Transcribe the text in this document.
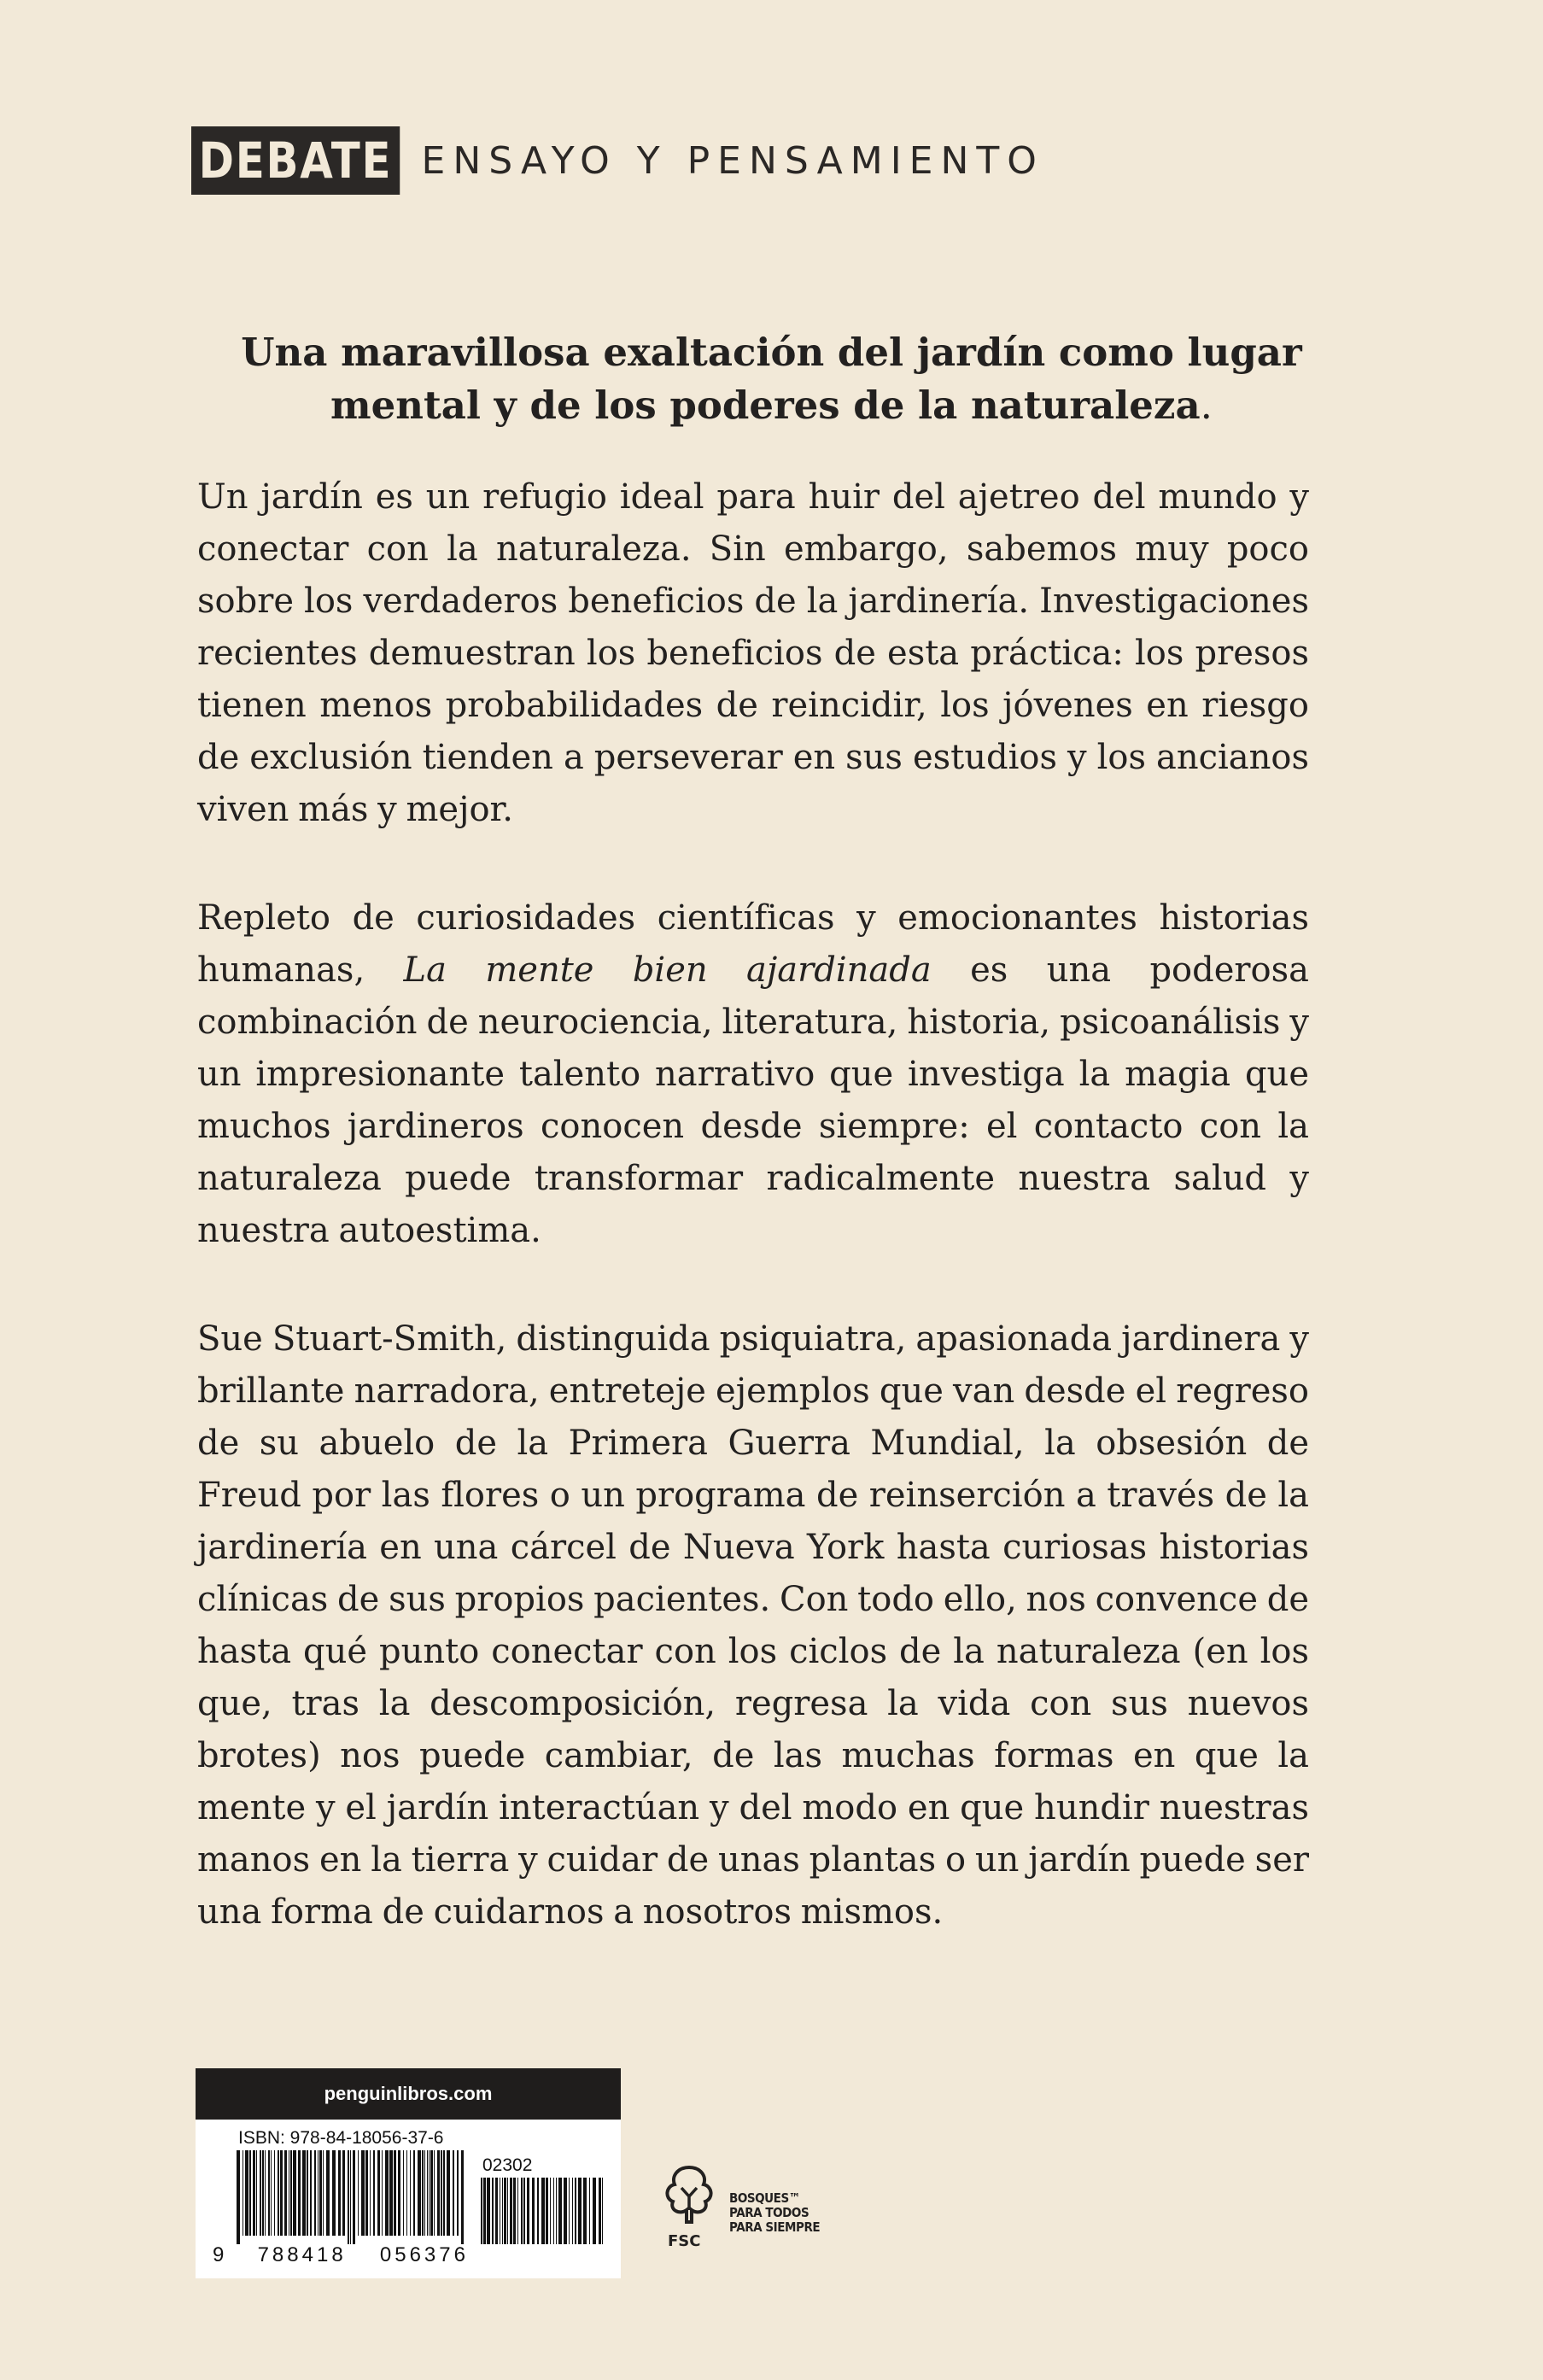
DEBATE ENSAYO Y PENSAMIENTO

Una maravillosa exaltación del jardín como lugar mental y de los poderes de la naturaleza.

Un jardín es un refugio ideal para huir del ajetreo del mundo y conectar con la naturaleza. Sin embargo, sabemos muy poco sobre los verdaderos beneficios de la jardinería. Investigaciones recientes demuestran los beneficios de esta práctica: los presos tienen menos probabilidades de reincidir, los jóvenes en riesgo de exclusión tienden a perseverar en sus estudios y los ancianos viven más y mejor.

Repleto de curiosidades científicas y emocionantes historias humanas, La mente bien ajardinada es una poderosa combinación de neurociencia, literatura, historia, psicoanálisis y un impresionante talento narrativo que investiga la magia que muchos jardineros conocen desde siempre: el contacto con la naturaleza puede transformar radicalmente nuestra salud y nuestra autoestima.

Sue Stuart-Smith, distinguida psiquiatra, apasionada jardinera y brillante narradora, entreteje ejemplos que van desde el regreso de su abuelo de la Primera Guerra Mundial, la obsesión de Freud por las flores o un programa de reinserción a través de la jardinería en una cárcel de Nueva York hasta curiosas historias clínicas de sus propios pacientes. Con todo ello, nos convence de hasta qué punto conectar con los ciclos de la naturaleza (en los que, tras la descomposición, regresa la vida con sus nuevos brotes) nos puede cambiar, de las muchas formas en que la mente y el jardín interactúan y del modo en que hundir nuestras manos en la tierra y cuidar de unas plantas o un jardín puede ser una forma de cuidarnos a nosotros mismos.

penguinlibros.com
ISBN: 978-84-18056-37-6
02302
9 788418 056376
FSC
BOSQUES™
PARA TODOS
PARA SIEMPRE
